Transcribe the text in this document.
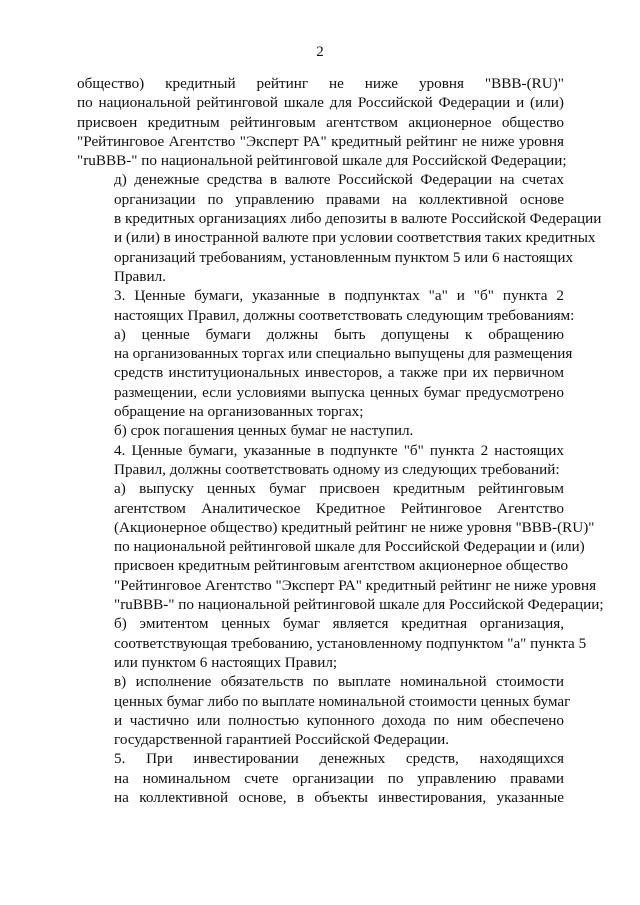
2

общество) кредитный рейтинг не ниже уровня "BBB-(RU)"
по национальной рейтинговой шкале для Российской Федерации и (или)
присвоен кредитным рейтинговым агентством акционерное общество
"Рейтинговое Агентство "Эксперт РА" кредитный рейтинг не ниже уровня
"ruBBB-" по национальной рейтинговой шкале для Российской Федерации;

д) денежные средства в валюте Российской Федерации на счетах
организации по управлению правами на коллективной основе
в кредитных организациях либо депозиты в валюте Российской Федерации
и (или) в иностранной валюте при условии соответствия таких кредитных
организаций требованиям, установленным пунктом 5 или 6 настоящих
Правил.

3. Ценные бумаги, указанные в подпунктах "а" и "б" пункта 2
настоящих Правил, должны соответствовать следующим требованиям:

а) ценные бумаги должны быть допущены к обращению
на организованных торгах или специально выпущены для размещения
средств институциональных инвесторов, а также при их первичном
размещении, если условиями выпуска ценных бумаг предусмотрено
обращение на организованных торгах;

б) срок погашения ценных бумаг не наступил.

4. Ценные бумаги, указанные в подпункте "б" пункта 2 настоящих
Правил, должны соответствовать одному из следующих требований:

а) выпуску ценных бумаг присвоен кредитным рейтинговым
агентством Аналитическое Кредитное Рейтинговое Агентство
(Акционерное общество) кредитный рейтинг не ниже уровня "BBB-(RU)"
по национальной рейтинговой шкале для Российской Федерации и (или)
присвоен кредитным рейтинговым агентством акционерное общество
"Рейтинговое Агентство "Эксперт РА" кредитный рейтинг не ниже уровня
"ruBBB-" по национальной рейтинговой шкале для Российской Федерации;

б) эмитентом ценных бумаг является кредитная организация,
соответствующая требованию, установленному подпунктом "а" пункта 5
или пунктом 6 настоящих Правил;

в) исполнение обязательств по выплате номинальной стоимости
ценных бумаг либо по выплате номинальной стоимости ценных бумаг
и частично или полностью купонного дохода по ним обеспечено
государственной гарантией Российской Федерации.

5. При инвестировании денежных средств, находящихся
на номинальном счете организации по управлению правами
на коллективной основе, в объекты инвестирования, указанные
